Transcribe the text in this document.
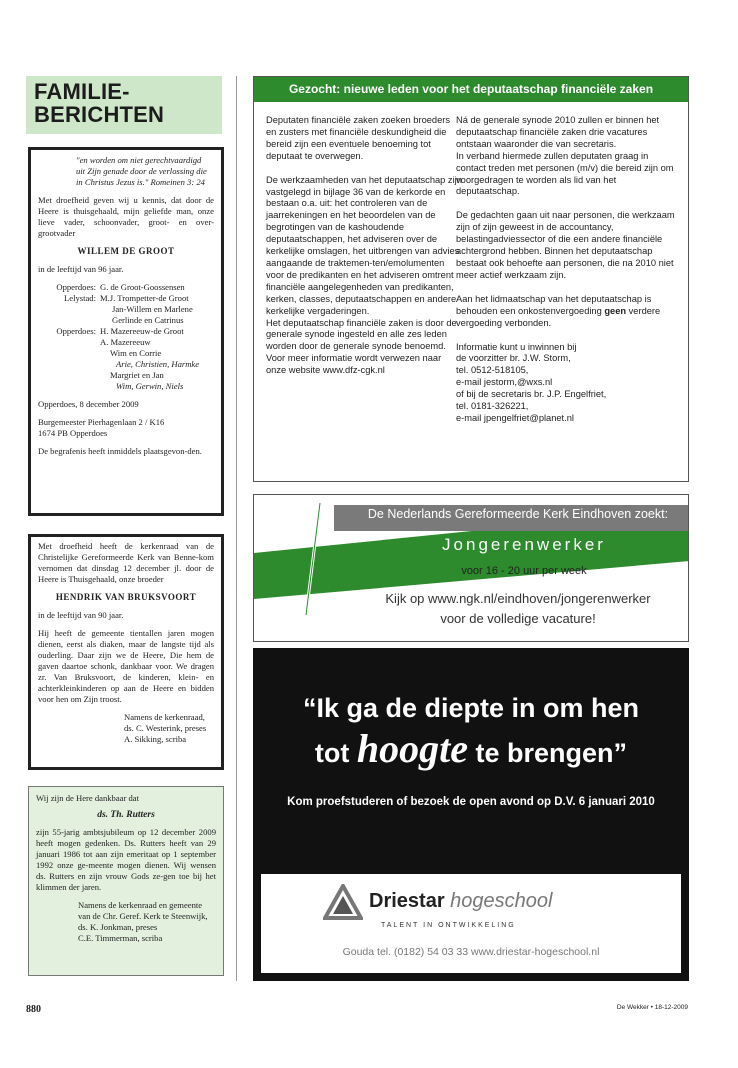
FAMILIE-
BERICHTEN

"en worden om niet gerechtvaardigd

uit Zijn genade door de verlossing die

in Christus Jezus is." Romeinen 3: 24

Met droefheid geven wij u kennis, dat door de Heere is thuisgehaald, mijn geliefde man, onze lieve vader, schoonvader, groot- en over-grootvader

WILLEM DE GROOT

in de leeftijd van 96 jaar.

Opperdoes: G. de Groot-Goossensen
Lelystad: M.J. Trompetter-de Groot
Jan-Willem en Marlene
Gerlinde en Catrinus
Opperdoes: H. Mazereeuw-de Groot
A. Mazereeuw
Wim en Corrie
Arie, Christien, Harmke
Margriet en Jan
Wim, Gerwin, Niels

Opperdoes, 8 december 2009

Burgemeester Pierhagenlaan 2 / K16

1674 PB Opperdoes

De begrafenis heeft inmiddels plaatsgevon-den.

Met droefheid heeft de kerkenraad van de Christelijke Gereformeerde Kerk van Benne-kom vernomen dat dinsdag 12 december jl. door de Heere is Thuisgehaald, onze broeder

HENDRIK VAN BRUKSVOORT

in de leeftijd van 90 jaar.

Hij heeft de gemeente tientallen jaren mogen dienen, eerst als diaken, maar de langste tijd als ouderling. Daar zijn we de Heere, Die hem de gaven daartoe schonk, dankbaar voor. We dragen zr. Van Bruksvoort, de kinderen, klein- en achterkleinkinderen op aan de Heere en bidden voor hen om Zijn troost.

Namens de kerkenraad,

ds. C. Westerink, preses

A. Sikking, scriba

Wij zijn de Here dankbaar dat

ds. Th. Rutters

zijn 55-jarig ambtsjubileum op 12 december 2009 heeft mogen gedenken. Ds. Rutters heeft van 29 januari 1986 tot aan zijn emeritaat op 1 september 1992 onze ge-meente mogen dienen. Wij wensen ds. Rutters en zijn vrouw Gods ze-gen toe bij het klimmen der jaren.

Namens de kerkenraad en gemeente

van de Chr. Geref. Kerk te Steenwijk,

ds. K. Jonkman, preses

C.E. Timmerman, scriba

Gezocht: nieuwe leden voor het deputaatschap financiële zaken

Deputaten financiële zaken zoeken broeders en zusters met financiële deskundigheid die bereid zijn een eventuele benoeming tot deputaat te overwegen.

De werkzaamheden van het deputaatschap zijn vastgelegd in bijlage 36 van de kerkorde en bestaan o.a. uit: het controleren van de jaarrekeningen en het beoordelen van de begrotingen van de kashoudende deputaatschappen, het adviseren over de kerkelijke omslagen, het uitbrengen van advies aangaande de traktemen-ten/emolumenten voor de predikanten en het adviseren omtrent financiële aangelegenheden van predikanten, kerken, classes, deputaatschappen en andere kerkelijke vergaderingen.

Het deputaatschap financiële zaken is door de generale synode ingesteld en alle zes leden worden door de generale synode benoemd.

Voor meer informatie wordt verwezen naar onze website www.dfz-cgk.nl

Ná de generale synode 2010 zullen er binnen het deputaatschap financiële zaken drie vacatures ontstaan waaronder die van secretaris.

In verband hiermede zullen deputaten graag in contact treden met personen (m/v) die bereid zijn om voorgedragen te worden als lid van het deputaatschap.

De gedachten gaan uit naar personen, die werkzaam zijn of zijn geweest in de accountancy, belastingadviessector of die een andere financiële achtergrond hebben. Binnen het deputaatschap bestaat ook behoefte aan personen, die na 2010 niet meer actief werkzaam zijn.

Aan het lidmaatschap van het deputaatschap is behouden een onkostenvergoeding geen verdere vergoeding verbonden.

Informatie kunt u inwinnen bij

de voorzitter br. J.W. Storm,

tel. 0512-518105,

e-mail jestorm,@wxs.nl

of bij de secretaris br. J.P. Engelfriet,

tel. 0181-326221,

e-mail jpengelfriet@planet.nl

De Nederlands Gereformeerde Kerk Eindhoven zoekt:
Jongerenwerker
voor 16 - 20 uur per week
Kijk op www.ngk.nl/eindhoven/jongerenwerker
voor de volledige vacature!
“Ik ga de diepte in om hen
tot hoogte te brengen”
Kom proefstuderen of bezoek de open avond op D.V. 6 januari 2010
Driestar hogeschool
TALENT IN ONTWIKKELING
Gouda tel. (0182) 54 03 33 www.driestar-hogeschool.nl
880	De Wekker • 18-12-2009
